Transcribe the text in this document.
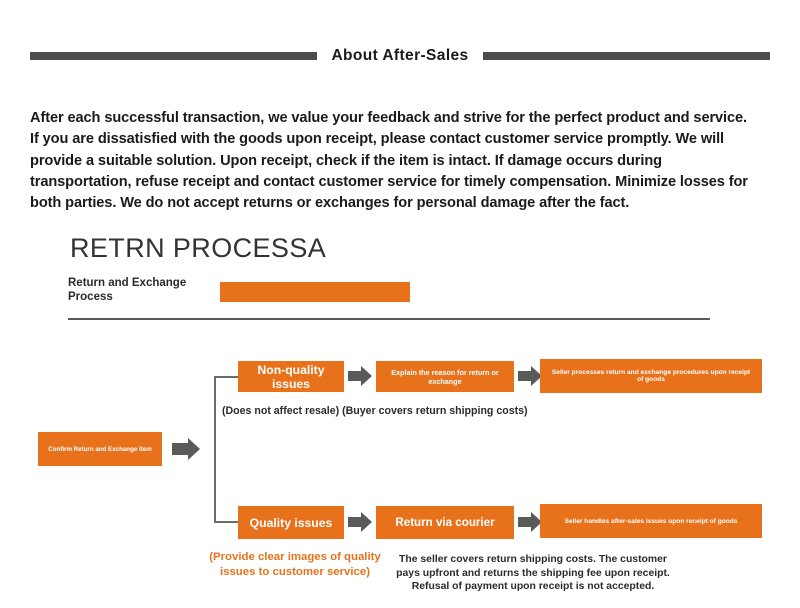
About After-Sales
After each successful transaction, we value your feedback and strive for the perfect product and service. If you are dissatisfied with the goods upon receipt, please contact customer service promptly. We will provide a suitable solution. Upon receipt, check if the item is intact. If damage occurs during transportation, refuse receipt and contact customer service for timely compensation. Minimize losses for both parties. We do not accept returns or exchanges for personal damage after the fact.
RETRN PROCESSA
Return and Exchange Process
Confirm Return and Exchange Item
Non-quality issues
Explain the reason for return or exchange
Seller processes return and exchange procedures upon receipt of goods
(Does not affect resale) (Buyer covers return shipping costs)
Quality issues	Return via courier	Seller handles after-sales issues upon receipt of goods
(Provide clear images of quality issues to customer service)
The seller covers return shipping costs. The customer pays upfront and returns the shipping fee upon receipt. Refusal of payment upon receipt is not accepted.
